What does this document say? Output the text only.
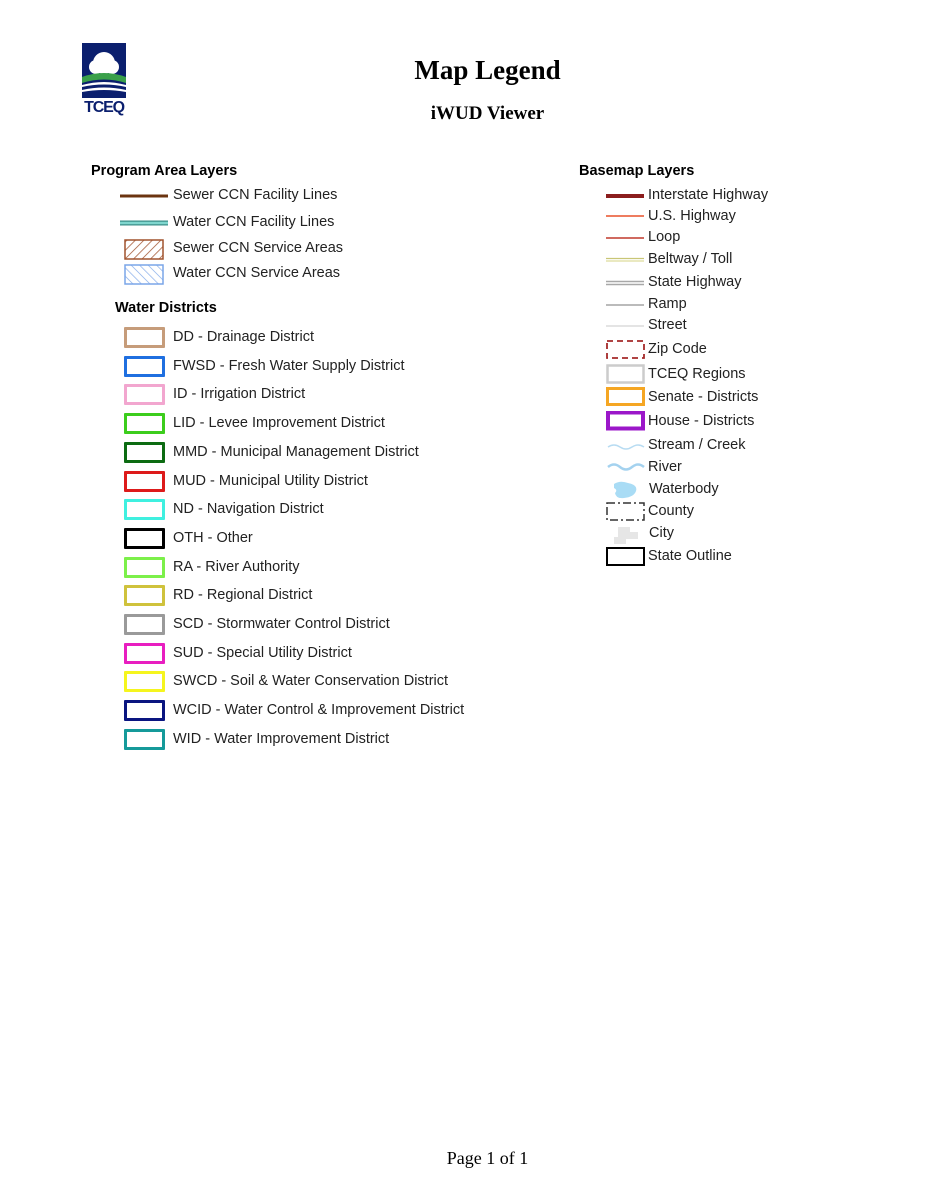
TCEQ
Map Legend
iWUD Viewer
Program Area Layers
Sewer CCN Facility Lines
Water CCN Facility Lines
Sewer CCN Service Areas
Water CCN Service Areas
Water Districts
DD - Drainage District
FWSD - Fresh Water Supply District
ID - Irrigation District
LID - Levee Improvement District
MMD - Municipal Management District
MUD - Municipal Utility District
ND - Navigation District
OTH - Other
RA - River Authority
RD - Regional District
SCD - Stormwater Control District
SUD - Special Utility District
SWCD - Soil & Water Conservation District
WCID - Water Control & Improvement District
WID - Water Improvement District
Basemap Layers
Interstate Highway
U.S. Highway
Loop
Beltway / Toll
State Highway
Ramp
Street
Zip Code
TCEQ Regions
Senate - Districts
House - Districts
Stream / Creek
River
Waterbody
County
City
State Outline
Page 1 of 1
